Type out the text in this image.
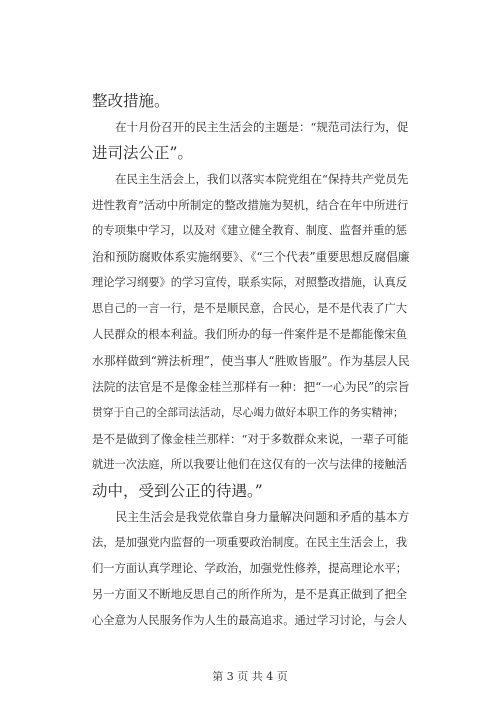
整改措施。
　　在十月份召开的民主生活会的主题是：“规范司法行为，促
进司法公正”。
　　在民主生活会上，我们以落实本院党组在“保持共产党员先
进性教育”活动中所制定的整改措施为契机，结合在年中所进行
的专项集中学习，以及对《建立健全教育、制度、监督并重的惩
治和预防腐败体系实施纲要》、《“三个代表”重要思想反腐倡廉
理论学习纲要》的学习宣传，联系实际，对照整改措施，认真反
思自己的一言一行，是不是顺民意，合民心，是不是代表了广大
人民群众的根本利益。我们所办的每一件案件是不是都能像宋鱼
水那样做到“辨法析理”，使当事人“胜败皆服”。作为基层人民
法院的法官是不是像金桂兰那样有一种：把“一心为民”的宗旨
贯穿于自己的全部司法活动，尽心竭力做好本职工作的务实精神；
是不是做到了像金桂兰那样：“对于多数群众来说，一辈子可能
就进一次法庭，所以我要让他们在这仅有的一次与法律的接触活
动中，受到公正的待遇。”
　　民主生活会是我党依靠自身力量解决问题和矛盾的基本方
法，是加强党内监督的一项重要政治制度。在民主生活会上，我
们一方面认真学理论、学政治，加强党性修养，提高理论水平；
另一方面又不断地反思自己的所作所为，是不是真正做到了把全
心全意为人民服务作为人生的最高追求。通过学习讨论，与会人
第 3 页 共 4 页
